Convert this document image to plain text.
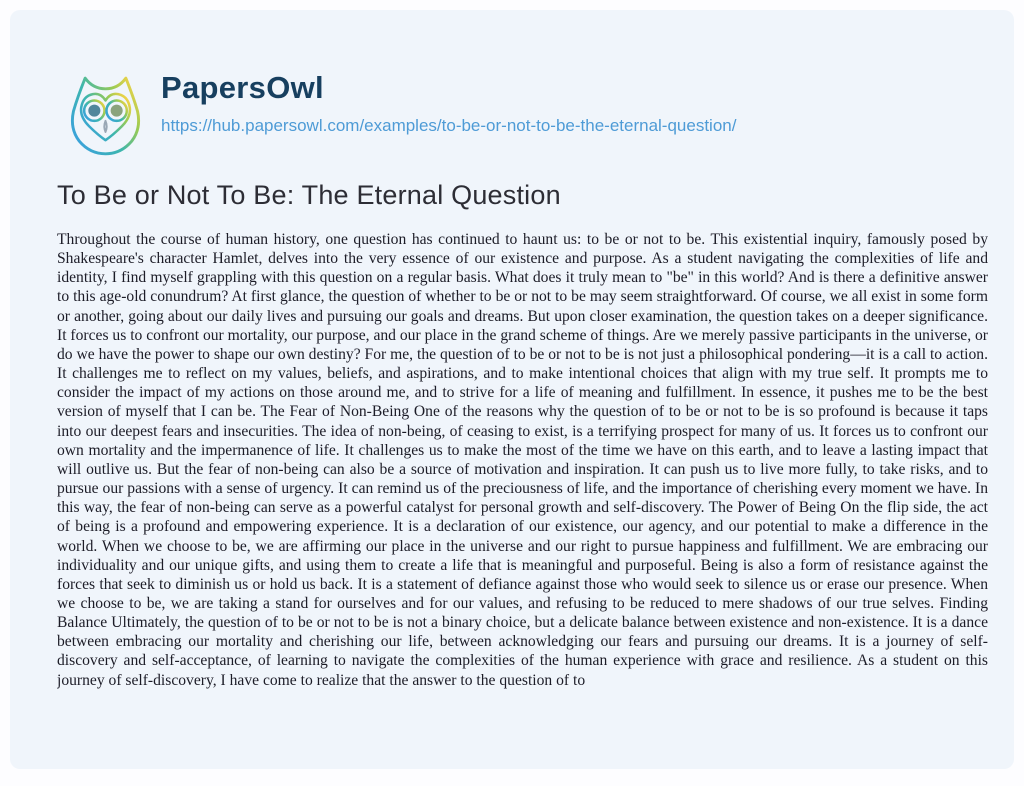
PapersOwl
https://hub.papersowl.com/examples/to-be-or-not-to-be-the-eternal-question/
To Be or Not To Be: The Eternal Question
Throughout the course of human history, one question has continued to haunt us: to be or not to be. This existential inquiry, famously posed by Shakespeare's character Hamlet, delves into the very essence of our existence and purpose. As a student navigating the complexities of life and identity, I find myself grappling with this question on a regular basis. What does it truly mean to "be" in this world? And is there a definitive answer to this age-old conundrum? At first glance, the question of whether to be or not to be may seem straightforward. Of course, we all exist in some form or another, going about our daily lives and pursuing our goals and dreams. But upon closer examination, the question takes on a deeper significance. It forces us to confront our mortality, our purpose, and our place in the grand scheme of things. Are we merely passive participants in the universe, or do we have the power to shape our own destiny? For me, the question of to be or not to be is not just a philosophical pondering—it is a call to action. It challenges me to reflect on my values, beliefs, and aspirations, and to make intentional choices that align with my true self. It prompts me to consider the impact of my actions on those around me, and to strive for a life of meaning and fulfillment. In essence, it pushes me to be the best version of myself that I can be. The Fear of Non-Being One of the reasons why the question of to be or not to be is so profound is because it taps into our deepest fears and insecurities. The idea of non-being, of ceasing to exist, is a terrifying prospect for many of us. It forces us to confront our own mortality and the impermanence of life. It challenges us to make the most of the time we have on this earth, and to leave a lasting impact that will outlive us. But the fear of non-being can also be a source of motivation and inspiration. It can push us to live more fully, to take risks, and to pursue our passions with a sense of urgency. It can remind us of the preciousness of life, and the importance of cherishing every moment we have. In this way, the fear of non-being can serve as a powerful catalyst for personal growth and self-discovery. The Power of Being On the flip side, the act of being is a profound and empowering experience. It is a declaration of our existence, our agency, and our potential to make a difference in the world. When we choose to be, we are affirming our place in the universe and our right to pursue happiness and fulfillment. We are embracing our individuality and our unique gifts, and using them to create a life that is meaningful and purposeful. Being is also a form of resistance against the forces that seek to diminish us or hold us back. It is a statement of defiance against those who would seek to silence us or erase our presence. When we choose to be, we are taking a stand for ourselves and for our values, and refusing to be reduced to mere shadows of our true selves. Finding Balance Ultimately, the question of to be or not to be is not a binary choice, but a delicate balance between existence and non-existence. It is a dance between embracing our mortality and cherishing our life, between acknowledging our fears and pursuing our dreams. It is a journey of self-discovery and self-acceptance, of learning to navigate the complexities of the human experience with grace and resilience. As a student on this journey of self-discovery, I have come to realize that the answer to the question of to
